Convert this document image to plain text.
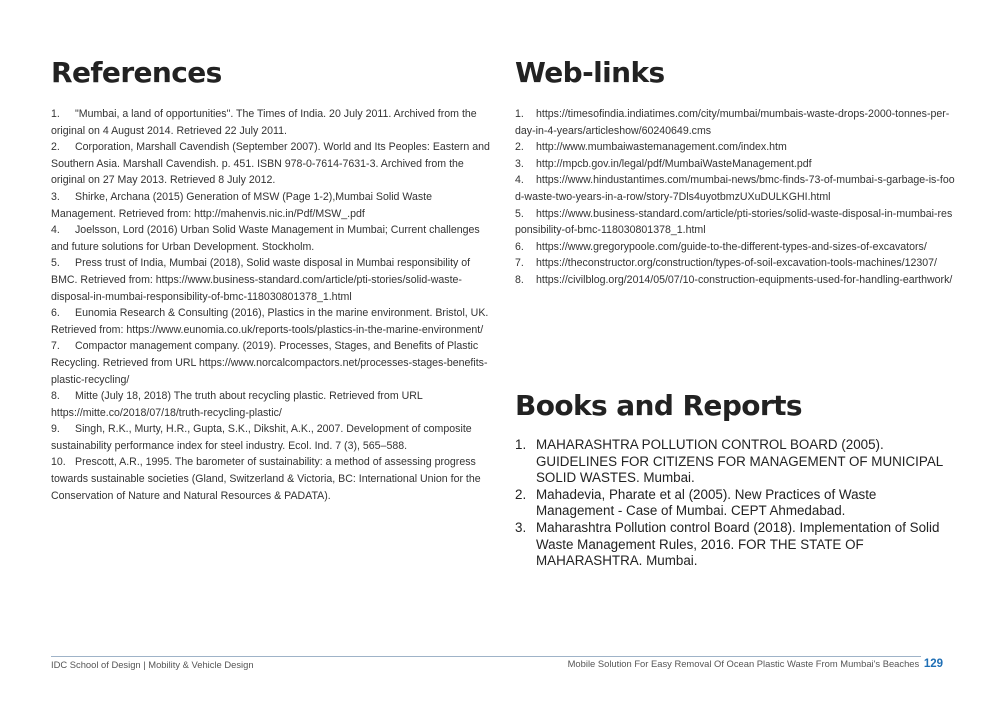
References
1. "Mumbai, a land of opportunities". The Times of India. 20 July 2011. Archived from the original on 4 August 2014. Retrieved 22 July 2011.
2. Corporation, Marshall Cavendish (September 2007). World and Its Peoples: Eastern and Southern Asia. Marshall Cavendish. p. 451. ISBN 978-0-7614-7631-3. Archived from the original on 27 May 2013. Retrieved 8 July 2012.
3. Shirke, Archana (2015) Generation of MSW (Page 1-2),Mumbai Solid Waste Management. Retrieved from: http://mahenvis.nic.in/Pdf/MSW_.pdf
4. Joelsson, Lord (2016) Urban Solid Waste Management in Mumbai; Current challenges and future solutions for Urban Development. Stockholm.
5. Press trust of India, Mumbai (2018), Solid waste disposal in Mumbai responsibility of BMC. Retrieved from: https://www.business-standard.com/article/pti-stories/solid-waste-disposal-in-mumbai-responsibility-of-bmc-118030801378_1.html
6. Eunomia Research & Consulting (2016), Plastics in the marine environment. Bristol, UK. Retrieved from: https://www.eunomia.co.uk/reports-tools/plastics-in-the-marine-environment/
7. Compactor management company. (2019). Processes, Stages, and Benefits of Plastic Recycling. Retrieved from URL https://www.norcalcompactors.net/processes-stages-benefits-plastic-recycling/
8. Mitte (July 18, 2018) The truth about recycling plastic. Retrieved from URL https://mitte.co/2018/07/18/truth-recycling-plastic/
9. Singh, R.K., Murty, H.R., Gupta, S.K., Dikshit, A.K., 2007. Development of composite sustainability performance index for steel industry. Ecol. Ind. 7 (3), 565–588.
10. Prescott, A.R., 1995. The barometer of sustainability: a method of assessing progress towards sustainable societies (Gland, Switzerland & Victoria, BC: International Union for the Conservation of Nature and Natural Resources & PADATA).
Web-links
1. https://timesofindia.indiatimes.com/city/mumbai/mumbais-waste-drops-2000-tonnes-per-day-in-4-years/articleshow/60240649.cms
2. http://www.mumbaiwastemanagement.com/index.htm
3. http://mpcb.gov.in/legal/pdf/MumbaiWasteManagement.pdf
4. https://www.hindustantimes.com/mumbai-news/bmc-finds-73-of-mumbai-s-garbage-is-food-waste-two-years-in-a-row/story-7Dls4uyotbmzUXuDULKGHI.html
5. https://www.business-standard.com/article/pti-stories/solid-waste-disposal-in-mumbai-responsibility-of-bmc-118030801378_1.html
6. https://www.gregorypoole.com/guide-to-the-different-types-and-sizes-of-excavators/
7. https://theconstructor.org/construction/types-of-soil-excavation-tools-machines/12307/
8. https://civilblog.org/2014/05/07/10-construction-equipments-used-for-handling-earthwork/
Books and Reports
1. MAHARASHTRA POLLUTION CONTROL BOARD (2005). GUIDELINES FOR CITIZENS FOR MANAGEMENT OF MUNICIPAL SOLID WASTES. Mumbai.
2. Mahadevia, Pharate et al (2005). New Practices of Waste Management - Case of Mumbai. CEPT Ahmedabad.
3. Maharashtra Pollution control Board (2018). Implementation of Solid Waste Management Rules, 2016. FOR THE STATE OF MAHARASHTRA. Mumbai.
IDC School of Design | Mobility & Vehicle Design	Mobile Solution For Easy Removal Of Ocean Plastic Waste From Mumbai's Beaches 129
